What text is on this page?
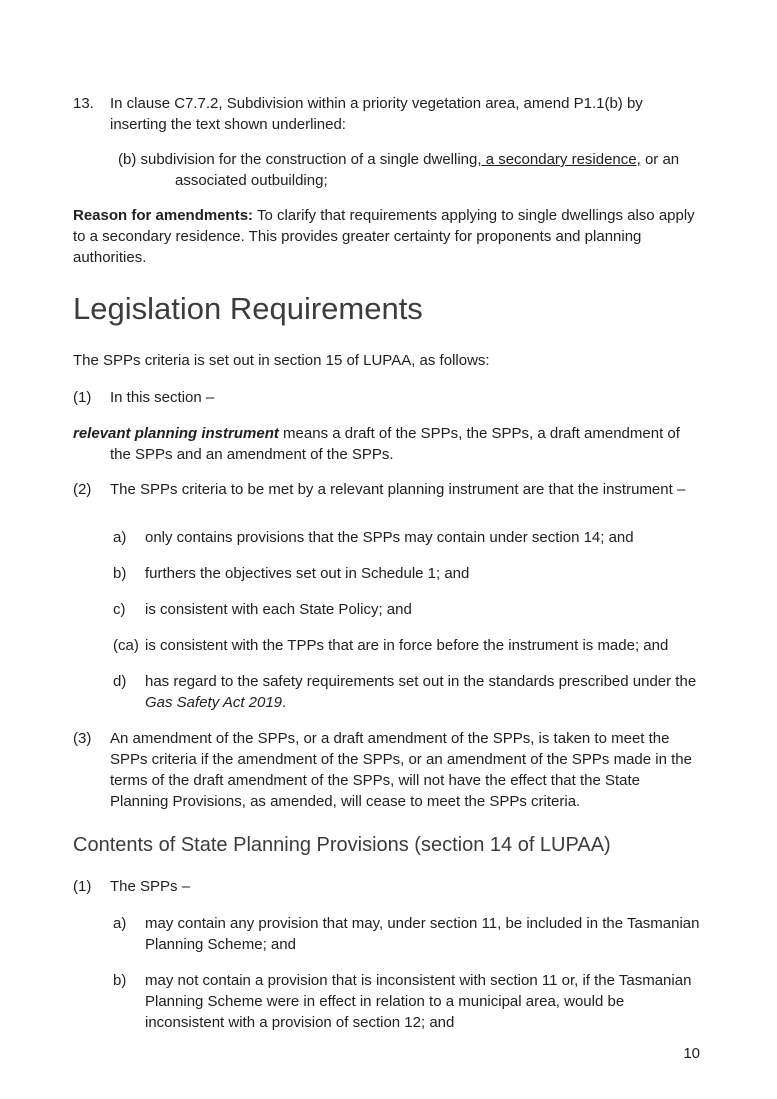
13.	In clause C7.7.2, Subdivision within a priority vegetation area, amend P1.1(b) by inserting the text shown underlined:
(b) subdivision for the construction of a single dwelling, a secondary residence, or an associated outbuilding;
Reason for amendments: To clarify that requirements applying to single dwellings also apply to a secondary residence. This provides greater certainty for proponents and planning authorities.
Legislation Requirements
The SPPs criteria is set out in section 15 of LUPAA, as follows:
(1)	In this section –
relevant planning instrument means a draft of the SPPs, the SPPs, a draft amendment of the SPPs and an amendment of the SPPs.
(2)	The SPPs criteria to be met by a relevant planning instrument are that the instrument –
a)	only contains provisions that the SPPs may contain under section 14; and
b)	furthers the objectives set out in Schedule 1; and
c)	is consistent with each State Policy; and
(ca) is consistent with the TPPs that are in force before the instrument is made; and
d)	has regard to the safety requirements set out in the standards prescribed under the Gas Safety Act 2019.
(3)	An amendment of the SPPs, or a draft amendment of the SPPs, is taken to meet the SPPs criteria if the amendment of the SPPs, or an amendment of the SPPs made in the terms of the draft amendment of the SPPs, will not have the effect that the State Planning Provisions, as amended, will cease to meet the SPPs criteria.
Contents of State Planning Provisions (section 14 of LUPAA)
(1)	The SPPs –
a)	may contain any provision that may, under section 11, be included in the Tasmanian Planning Scheme; and
b)	may not contain a provision that is inconsistent with section 11 or, if the Tasmanian Planning Scheme were in effect in relation to a municipal area, would be inconsistent with a provision of section 12; and
10
